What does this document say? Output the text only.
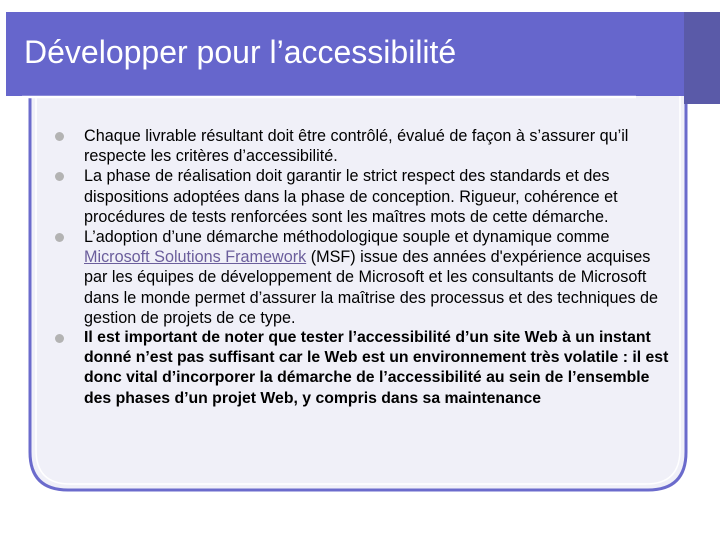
Développer pour l’accessibilité

Chaque livrable résultant doit être contrôlé, évalué de façon à s’assurer qu’il respecte les critères d’accessibilité.

La phase de réalisation doit garantir le strict respect des standards et des dispositions adoptées dans la phase de conception. Rigueur, cohérence et procédures de tests renforcées sont les maîtres mots de cette démarche.

L’adoption d’une démarche méthodologique souple et dynamique comme Microsoft Solutions Framework (MSF) issue des années d'expérience acquises par les équipes de développement de Microsoft et les consultants de Microsoft dans le monde permet d’assurer la maîtrise des processus et des techniques de gestion de projets de ce type.

Il est important de noter que tester l’accessibilité d’un site Web à un instant donné n’est pas suffisant car le Web est un environnement très volatile : il est donc vital d’incorporer la démarche de l’accessibilité au sein de l’ensemble des phases d’un projet Web, y compris dans sa maintenance
